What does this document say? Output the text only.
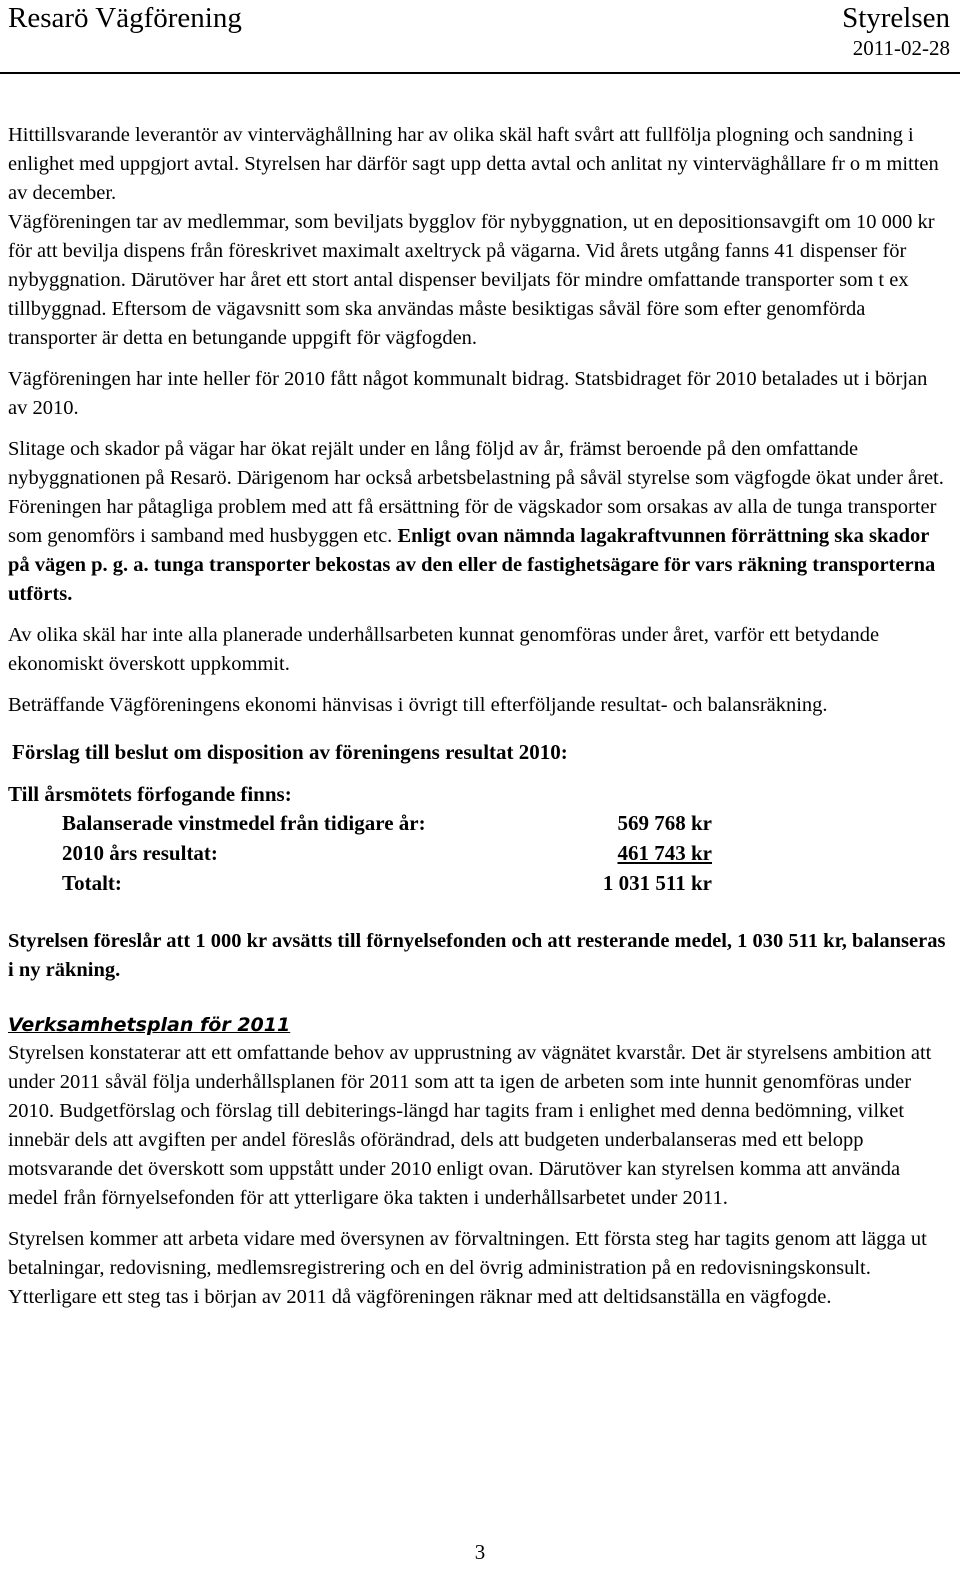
Resarö Vägförening	Styrelsen
2011-02-28

Hittillsvarande leverantör av vinterväghållning har av olika skäl haft svårt att fullfölja plogning och sandning i enlighet med uppgjort avtal. Styrelsen har därför sagt upp detta avtal och anlitat ny vinterväghållare fr o m mitten av december.

Vägföreningen tar av medlemmar, som beviljats bygglov för nybyggnation, ut en depositionsavgift om 10 000 kr för att bevilja dispens från föreskrivet maximalt axeltryck på vägarna. Vid årets utgång fanns 41 dispenser för nybyggnation. Därutöver har året ett stort antal dispenser beviljats för mindre omfattande transporter som t ex tillbyggnad. Eftersom de vägavsnitt som ska användas måste besiktigas såväl före som efter genomförda transporter är detta en betungande uppgift för vägfogden.

Vägföreningen har inte heller för 2010 fått något kommunalt bidrag. Statsbidraget för 2010 betalades ut i början av 2010.

Slitage och skador på vägar har ökat rejält under en lång följd av år, främst beroende på den omfattande nybyggnationen på Resarö. Därigenom har också arbetsbelastning på såväl styrelse som vägfogde ökat under året. Föreningen har påtagliga problem med att få ersättning för de vägskador som orsakas av alla de tunga transporter som genomförs i samband med husbyggen etc. Enligt ovan nämnda lagakraftvunnen förrättning ska skador på vägen p. g. a. tunga transporter bekostas av den eller de fastighetsägare för vars räkning transporterna utförts.

Av olika skäl har inte alla planerade underhållsarbeten kunnat genomföras under året, varför ett betydande ekonomiskt överskott uppkommit.

Beträffande Vägföreningens ekonomi hänvisas i övrigt till efterföljande resultat- och balansräkning.

Förslag till beslut om disposition av föreningens resultat 2010:
Till årsmötets förfogande finns:
Balanserade vinstmedel från tidigare år:	569 768 kr
2010 års resultat:	461 743 kr
Totalt:	1 031 511 kr

Styrelsen föreslår att 1 000 kr avsätts till förnyelsefonden och att resterande medel, 1 030 511 kr, balanseras i ny räkning.

Verksamhetsplan för 2011

Styrelsen konstaterar att ett omfattande behov av upprustning av vägnätet kvarstår. Det är styrelsens ambition att under 2011 såväl följa underhållsplanen för 2011 som att ta igen de arbeten som inte hunnit genomföras under 2010. Budgetförslag och förslag till debiterings-längd har tagits fram i enlighet med denna bedömning, vilket innebär dels att avgiften per andel föreslås oförändrad, dels att budgeten underbalanseras med ett belopp motsvarande det överskott som uppstått under 2010 enligt ovan. Därutöver kan styrelsen komma att använda medel från förnyelsefonden för att ytterligare öka takten i underhållsarbetet under 2011.

Styrelsen kommer att arbeta vidare med översynen av förvaltningen. Ett första steg har tagits genom att lägga ut betalningar, redovisning, medlemsregistrering och en del övrig administration på en redovisningskonsult. Ytterligare ett steg tas i början av 2011 då vägföreningen räknar med att deltidsanställa en vägfogde.

3
